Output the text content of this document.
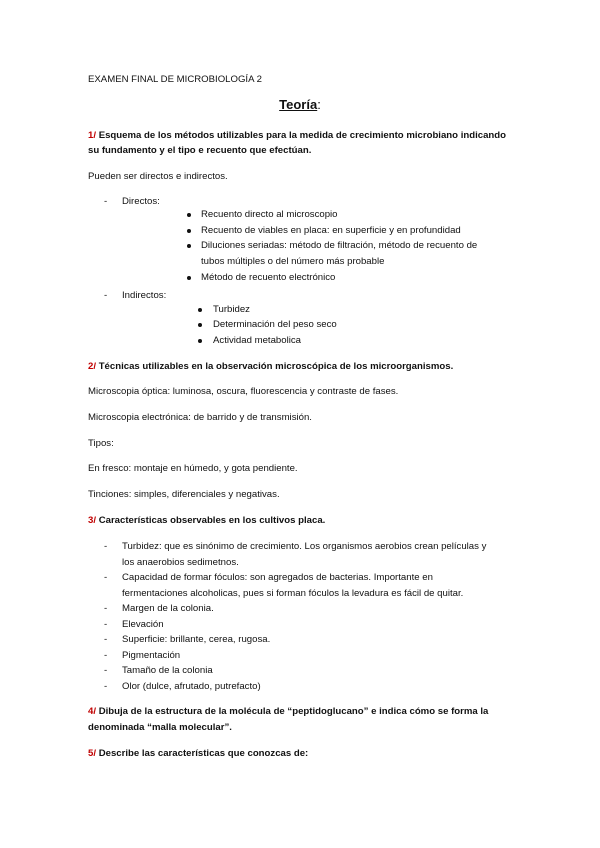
EXAMEN FINAL DE MICROBIOLOGÍA 2
Teoría:
1/ Esquema de los métodos utilizables para la medida de crecimiento microbiano indicando
su fundamento y el tipo e recuento que efectúan.
Pueden ser directos e indirectos.
- Directos:
Recuento directo al microscopio
Recuento de viables en placa: en superficie y en profundidad
Diluciones seriadas: método de filtración, método de recuento de
tubos múltiples o del número más probable
Método de recuento electrónico
- Indirectos:
Turbidez
Determinación del peso seco
Actividad metabolica
2/ Técnicas utilizables en la observación microscópica de los microorganismos.
Microscopia óptica: luminosa, oscura, fluorescencia y contraste de fases.
Microscopia electrónica: de barrido y de transmisión.
Tipos:
En fresco: montaje en húmedo, y gota pendiente.
Tinciones: simples, diferenciales y negativas.
3/ Características observables en los cultivos placa.
- Turbidez: que es sinónimo de crecimiento. Los organismos aerobios crean películas y
los anaerobios sedimetnos.
- Capacidad de formar fóculos: son agregados de bacterias. Importante en
fermentaciones alcoholicas, pues si forman fóculos la levadura es fácil de quitar.
- Margen de la colonia.
- Elevación
- Superficie: brillante, cerea, rugosa.
- Pigmentación
- Tamaño de la colonia
- Olor (dulce, afrutado, putrefacto)
4/ Dibuja de la estructura de la molécula de “peptidoglucano” e indica cómo se forma la
denominada “malla molecular”.
5/ Describe las características que conozcas de:
